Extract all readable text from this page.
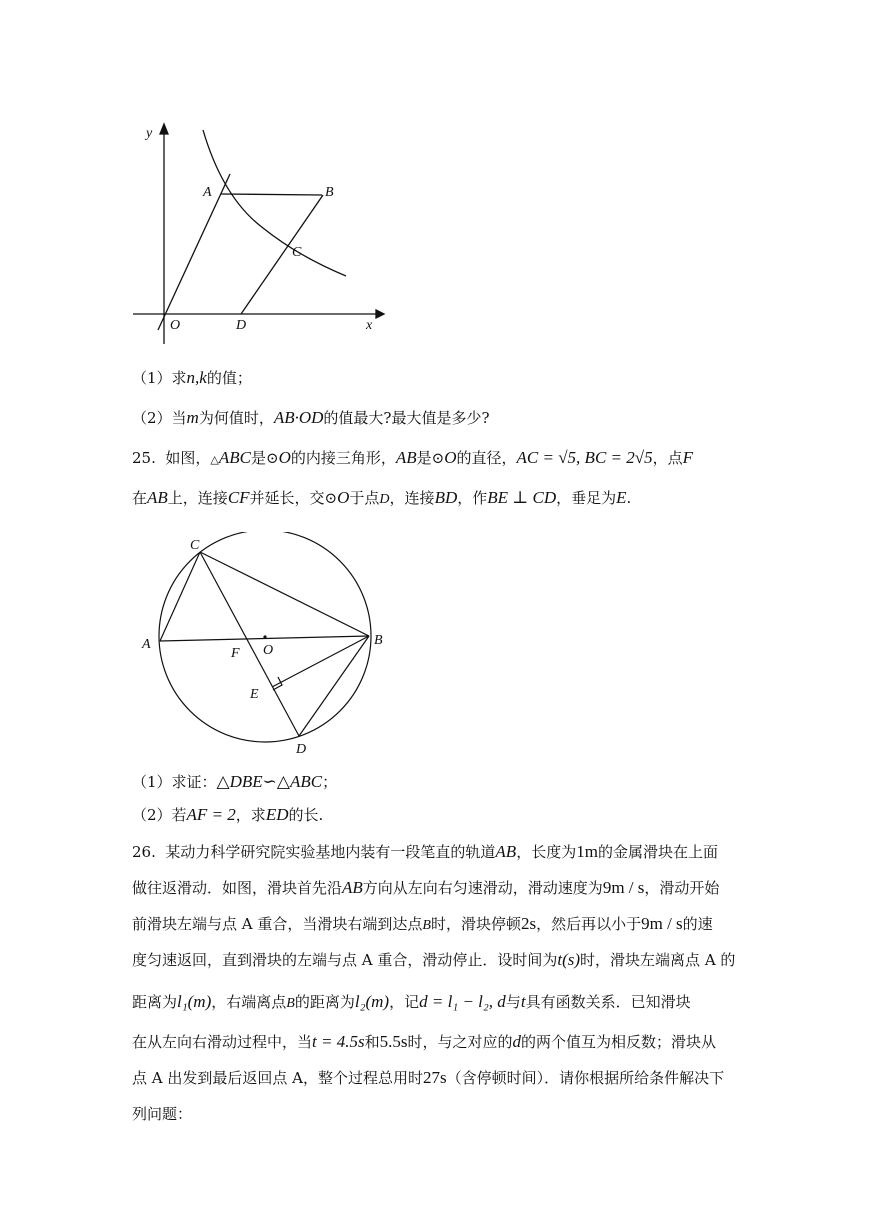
y
x
A	B
C
O	D
（1）求n,k的值；
（2）当m为何值时，AB·OD的值最大?最大值是多少?
25. 如图，△ABC是⊙O的内接三角形，AB是⊙O的直径，AC = √5, BC = 2√5，点F
在AB上，连接CF并延长，交⊙O于点D，连接BD，作BE ⊥ CD，垂足为E.
C
A	B
F O
E
D
（1）求证：△DBE∽△ABC；
（2）若AF = 2，求ED的长.
26. 某动力科学研究院实验基地内装有一段笔直的轨道AB，长度为1m的金属滑块在上面
做往返滑动．如图，滑块首先沿AB方向从左向右匀速滑动，滑动速度为9m / s，滑动开始
前滑块左端与点 A 重合，当滑块右端到达点B时，滑块停顿2s，然后再以小于9m / s的速
度匀速返回，直到滑块的左端与点 A 重合，滑动停止．设时间为t(s)时，滑块左端离点 A 的
距离为l₁(m)，右端离点B的距离为l₂(m)，记d = l₁ − l₂, d与t具有函数关系．已知滑块
在从左向右滑动过程中，当t = 4.5s和5.5s时，与之对应的d的两个值互为相反数；滑块从
点 A 出发到最后返回点 A，整个过程总用时27s（含停顿时间）．请你根据所给条件解决下
列问题：
